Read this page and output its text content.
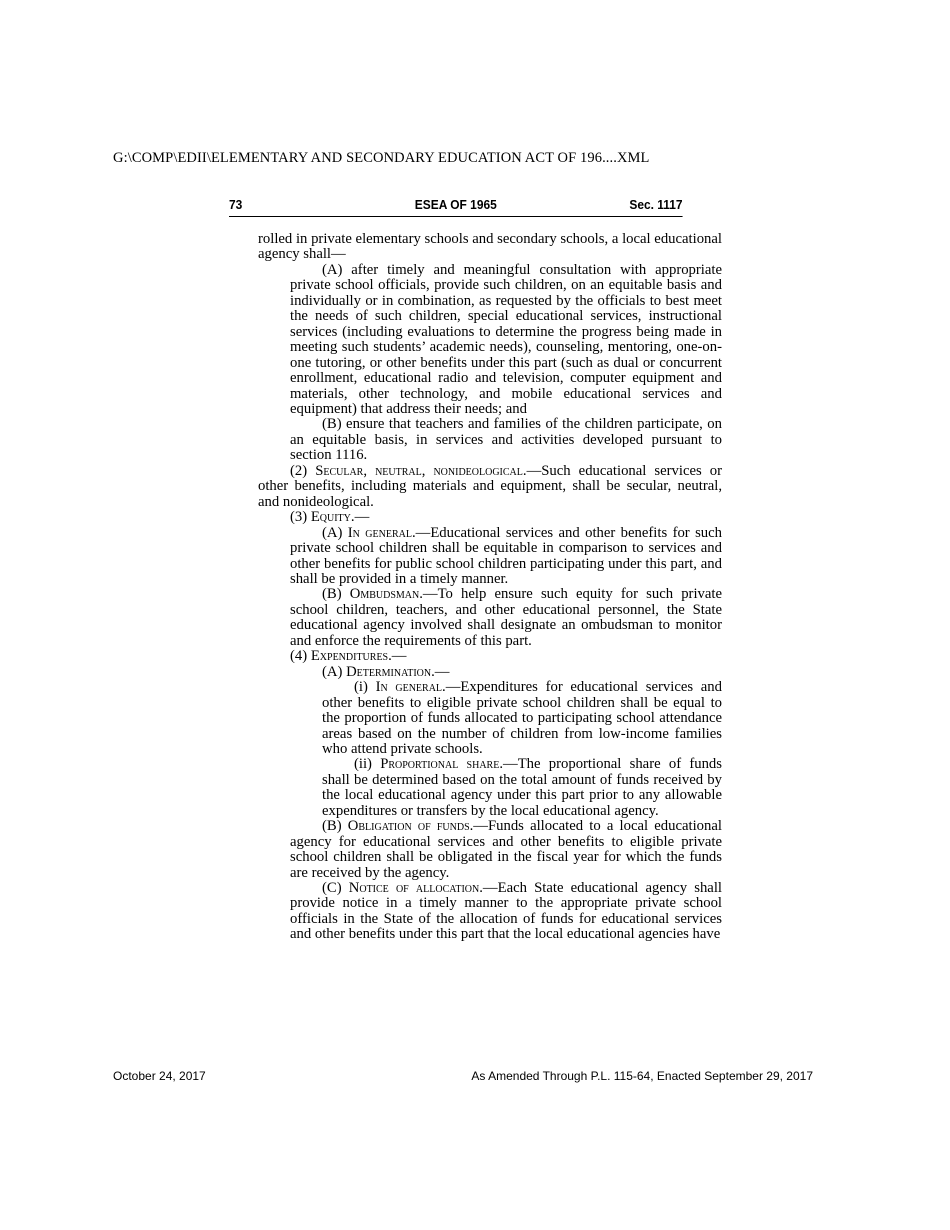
G:\COMP\EDII\ELEMENTARY AND SECONDARY EDUCATION ACT OF 196....XML
ESEA OF 1965
73	Sec. 1117

rolled in private elementary schools and secondary schools, a local educational agency shall—

(A) after timely and meaningful consultation with appropriate private school officials, provide such children, on an equitable basis and individually or in combination, as requested by the officials to best meet the needs of such children, special educational services, instructional services (including evaluations to determine the progress being made in meeting such students’ academic needs), counseling, mentoring, one-on-one tutoring, or other benefits under this part (such as dual or concurrent enrollment, educational radio and television, computer equipment and materials, other technology, and mobile educational services and equipment) that address their needs; and

(B) ensure that teachers and families of the children participate, on an equitable basis, in services and activities developed pursuant to section 1116.

(2) Secular, neutral, nonideological.—Such educational services or other benefits, including materials and equipment, shall be secular, neutral, and nonideological.

(3) Equity.—

(A) In general.—Educational services and other benefits for such private school children shall be equitable in comparison to services and other benefits for public school children participating under this part, and shall be provided in a timely manner.

(B) Ombudsman.—To help ensure such equity for such private school children, teachers, and other educational personnel, the State educational agency involved shall designate an ombudsman to monitor and enforce the requirements of this part.

(4) Expenditures.—

(A) Determination.—

(i) In general.—Expenditures for educational services and other benefits to eligible private school children shall be equal to the proportion of funds allocated to participating school attendance areas based on the number of children from low-income families who attend private schools.

(ii) Proportional share.—The proportional share of funds shall be determined based on the total amount of funds received by the local educational agency under this part prior to any allowable expenditures or transfers by the local educational agency.

(B) Obligation of funds.—Funds allocated to a local educational agency for educational services and other benefits to eligible private school children shall be obligated in the fiscal year for which the funds are received by the agency.

(C) Notice of allocation.—Each State educational agency shall provide notice in a timely manner to the appropriate private school officials in the State of the allocation of funds for educational services and other benefits under this part that the local educational agencies have

October 24, 2017	As Amended Through P.L. 115-64, Enacted September 29, 2017
